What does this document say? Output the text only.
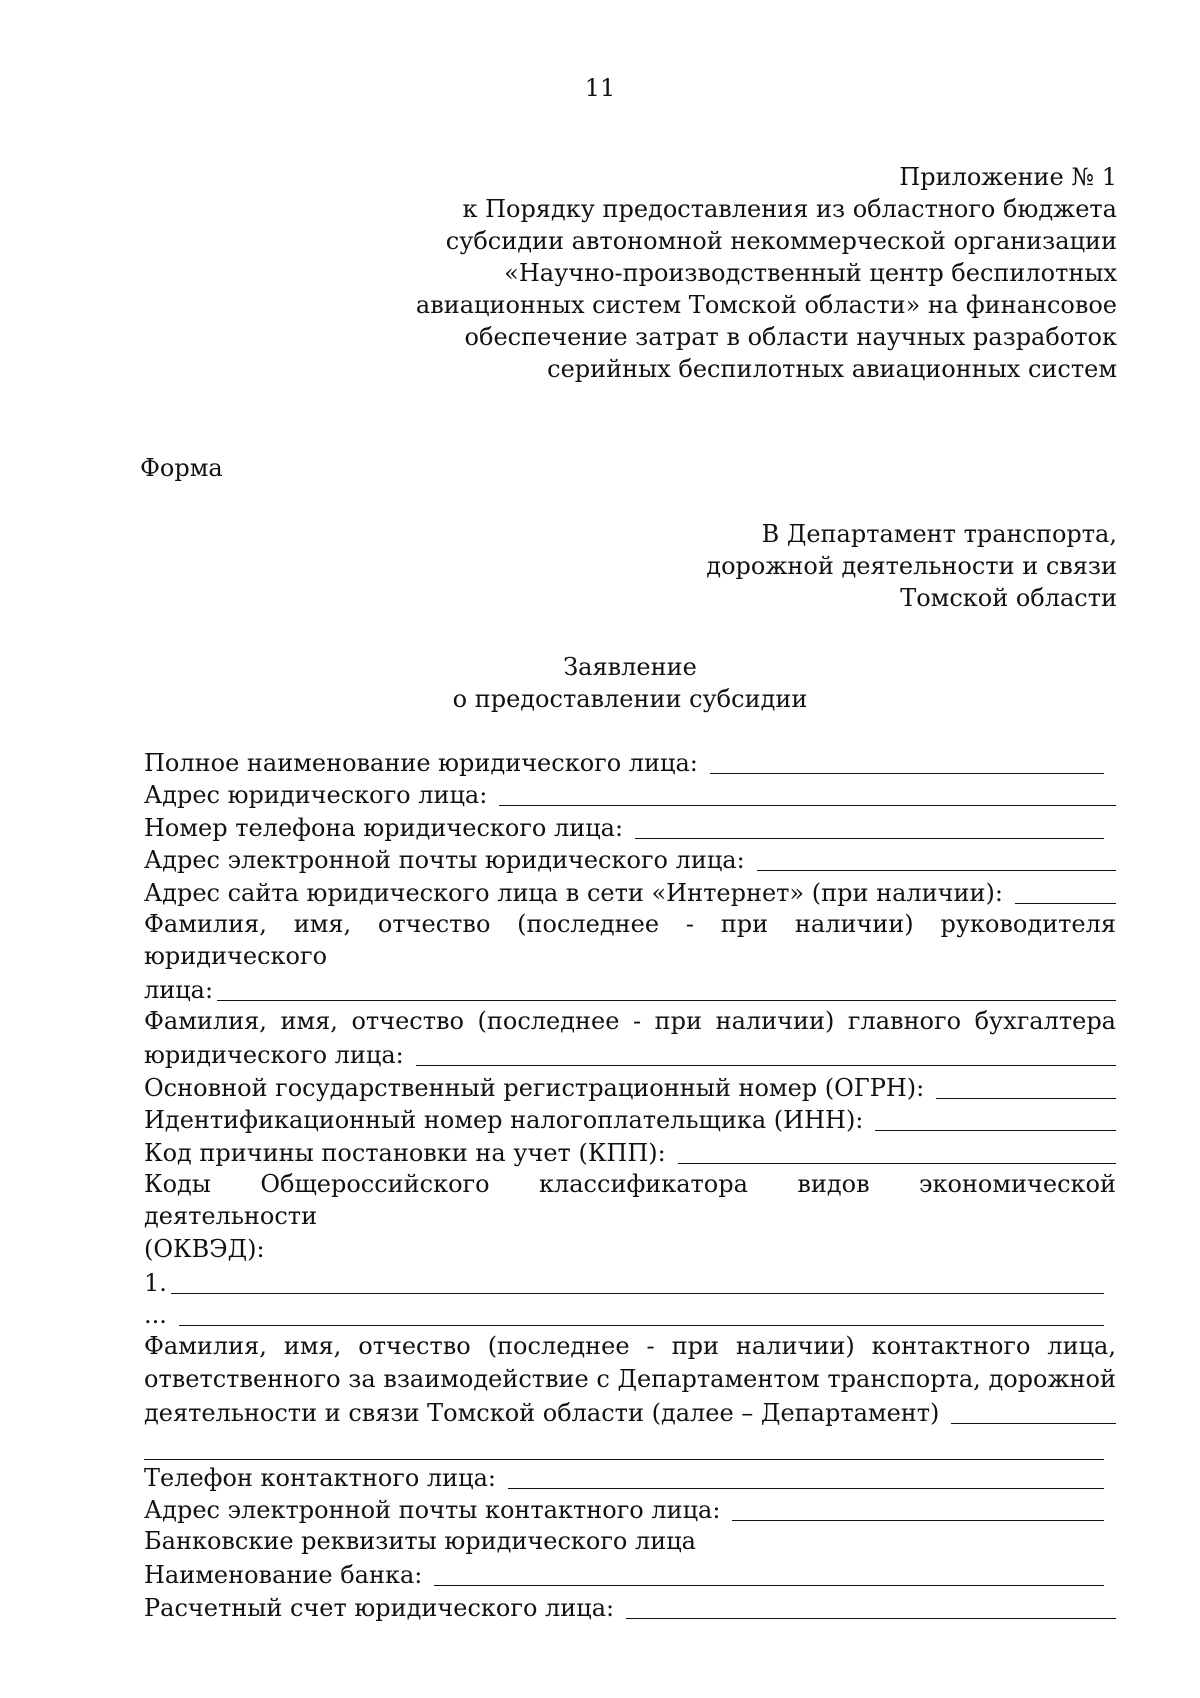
11
Приложение № 1
к Порядку предоставления из областного бюджета
субсидии автономной некоммерческой организации
«Научно-производственный центр беспилотных
авиационных систем Томской области» на финансовое
обеспечение затрат в области научных разработок
серийных беспилотных авиационных систем
Форма
В Департамент транспорта,
дорожной деятельности и связи
Томской области
Заявление
о предоставлении субсидии
Полное наименование юридического лица:
Адрес юридического лица:
Номер телефона юридического лица:
Адрес электронной почты юридического лица:
Адрес сайта юридического лица в сети «Интернет» (при наличии):
Фамилия, имя, отчество (последнее - при наличии) руководителя юридического
лица:
Фамилия, имя, отчество (последнее - при наличии) главного бухгалтера
юридического лица:
Основной государственный регистрационный номер (ОГРН):
Идентификационный номер налогоплательщика (ИНН):
Код причины постановки на учет (КПП):
Коды Общероссийского классификатора видов экономической деятельности
(ОКВЭД):
1.
...
Фамилия, имя, отчество (последнее - при наличии) контактного лица,
ответственного за взаимодействие с Департаментом транспорта, дорожной
деятельности и связи Томской области (далее – Департамент)
Телефон контактного лица:
Адрес электронной почты контактного лица:
Банковские реквизиты юридического лица
Наименование банка:
Расчетный счет юридического лица:
